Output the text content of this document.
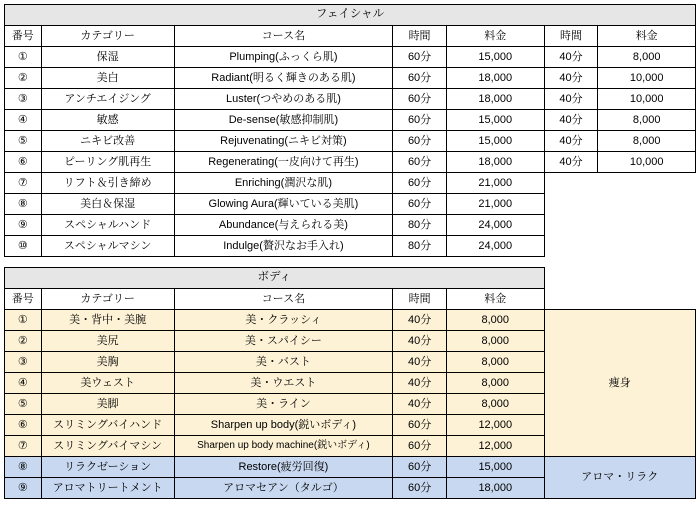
フェイシャル						
番号	カテゴリー	コース名	時間	料金	時間	料金
①	保湿	Plumping(ふっくら肌)	60分	15,000	40分	8,000
②	美白	Radiant(明るく輝きのある肌)	60分	18,000	40分	10,000
③	アンチエイジング	Luster(つやめのある肌)	60分	18,000	40分	10,000
④	敏感	De-sense(敏感抑制肌)	60分	15,000	40分	8,000
⑤	ニキビ改善	Rejuvenating(ニキビ対策)	60分	15,000	40分	8,000
⑥	ピーリング肌再生	Regenerating(一皮向けて再生)	60分	18,000	40分	10,000
⑦	リフト＆引き締め	Enriching(潤沢な肌)	60分	21,000		
⑧	美白＆保湿	Glowing Aura(輝いている美肌)	60分	21,000		
⑨	スペシャルハンド	Abundance(与えられる美)	80分	24,000		
⑩	スペシャルマシン	Indulge(贅沢なお手入れ)	80分	24,000		
ボディ					
番号	カテゴリー	コース名	時間	料金	
①	美・背中・美腕	美・クラッシィ	40分	8,000	痩身
②	美尻	美・スパイシー	40分	8,000	
③	美胸	美・バスト	40分	8,000	
④	美ウェスト	美・ウエスト	40分	8,000	
⑤	美脚	美・ライン	40分	8,000	
⑥	スリミングバイハンド	Sharpen up body(鋭いボディ)	60分	12,000	
⑦	スリミングバイマシン	Sharpen up body machine(鋭いボディ)	60分	12,000	
⑧	リラクゼーション	Restore(疲労回復)	60分	15,000	アロマ・リラク
⑨	アロマトリートメント	アロマセアン（タルゴ）	60分	18,000	
